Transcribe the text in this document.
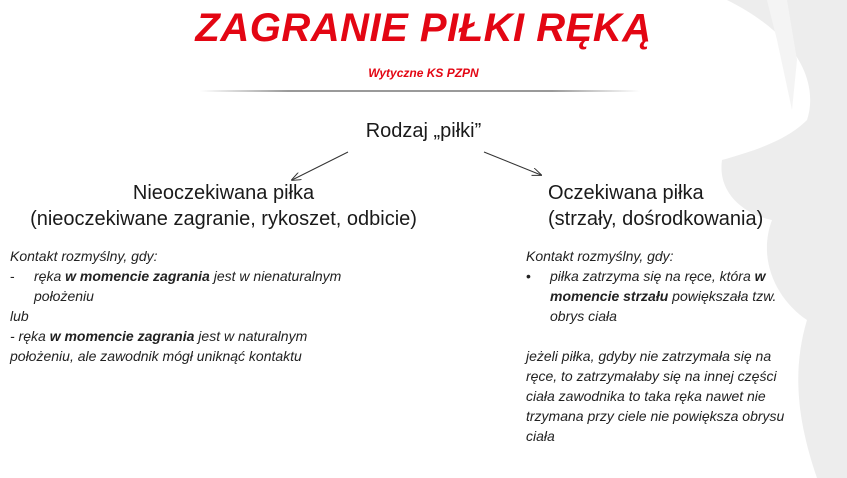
ZAGRANIE PIŁKI RĘKĄ
Wytyczne KS PZPN
Rodzaj „piłki”
Nieoczekiwana piłka
(nieoczekiwane zagranie, rykoszet, odbicie)
Oczekiwana piłka
(strzały, dośrodkowania)
Kontakt rozmyślny, gdy:
- ręka w momencie zagrania jest w nienaturalnym
położeniu
lub
- ręka w momencie zagrania jest w naturalnym
położeniu, ale zawodnik mógł uniknąć kontaktu
Kontakt rozmyślny, gdy:
• piłka zatrzyma się na ręce, która w
momencie strzału powiększała tzw.
obrys ciała
jeżeli piłka, gdyby nie zatrzymała się na
ręce, to zatrzymałaby się na innej części
ciała zawodnika to taka ręka nawet nie
trzymana przy ciele nie powiększa obrysu
ciała
